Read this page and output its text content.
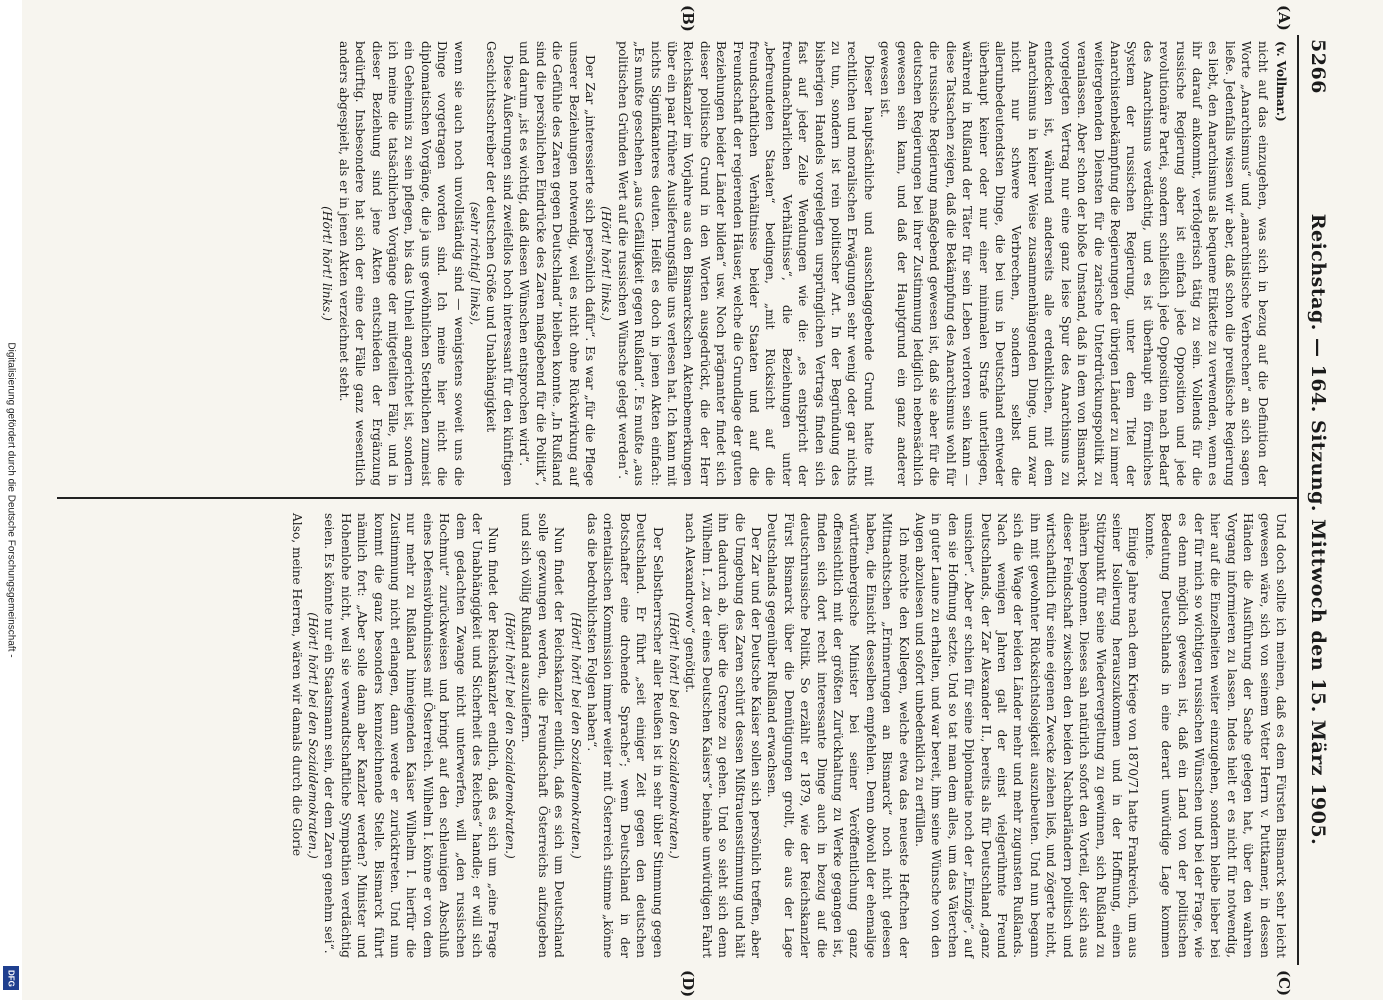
5266
Reichstag. — 164. Sitzung. Mittwoch den 15. März 1905.
(A)
(B)
(C)
(D)
(v. Vollmar.)

nicht auf das einzugehen, was sich in bezug auf die Definition der Worte „Anarchismus“ und „anarchistische Verbrechen“ an sich sagen ließe. Jedenfalls wissen wir aber, daß schon die preußische Regierung es liebt, den Anarchismus als bequeme Etikette zu verwenden, wenn es ihr darauf ankommt, verfolgerisch tätig zu sein. Vollends für die russische Regierung aber ist einfach jede Opposition und jede revolutionäre Partei, sondern schließlich jede Opposition nach Bedarf des Anarchismus verdächtig, und es ist überhaupt ein förmliches System der russischen Regierung, unter dem Titel der Anarchistenbekämpfung die Regierungen der übrigen Länder zu immer weitergehenden Diensten für die zarische Unterdrückungspolitik zu veranlassen. Aber schon der bloße Umstand, daß in dem von Bismarck vorgelegten Vertrag nur eine ganz leise Spur des Anarchismus zu entdecken ist, während anderseits alle erdenklichen, mit dem Anarchismus in keiner Weise zusammenhängenden Dinge, und zwar nicht nur schwere Verbrechen, sondern selbst die allerunbedeutendsten Dinge, die bei uns in Deutschland entweder überhaupt keiner oder nur einer minimalen Strafe unterliegen, während in Rußland der Täter für sein Leben verloren sein kann — diese Tatsachen zeigen, daß die Bekämpfung des Anarchismus wohl für die russische Regierung maßgebend gewesen ist, daß sie aber für die deutschen Regierungen bei ihrer Zustimmung lediglich nebensächlich gewesen sein kann, und daß der Hauptgrund ein ganz anderer gewesen ist.

Dieser hauptsächliche und ausschlaggebende Grund hatte mit rechtlichen und moralischen Erwägungen sehr wenig oder gar nichts zu tun, sondern ist rein politischer Art. In der Begründung des bisherigen Handels vorgelegten ursprünglichen Vertrags finden sich fast auf jeder Zeile Wendungen wie die: „es entspricht der freundnachbarlichen Verhältnisse“, die Beziehungen unter „befreundeten Staaten“ bedingen, „mit Rücksicht auf die freundschaftlichen Verhältnisse beider Staaten und auf die Freundschaft der regierenden Häuser, welche die Grundlage der guten Beziehungen beider Länder bilden“ usw. Noch prägnanter findet sich dieser politische Grund in den Worten ausgedrückt, die der Herr Reichskanzler im Vorjahre aus den Bismarckschen Aktenbemerkungen über ein paar frühere Auslieferungsfälle uns verlesen hat. Ich kann mit nichts Signifikanteres deuten. Heißt es doch in jenen Akten einfach: „Es mußte geschehen „aus Gefälligkeit gegen Rußland“. Es mußte „aus politischen Gründen Wert auf die russischen Wünsche gelegt werden“.

(Hört! hört! links.)

Der Zar „interessierte sich persönlich dafür“. Es war „für die Pflege unserer Beziehungen notwendig, weil es nicht ohne Rückwirkung auf die Gefühle des Zaren gegen Deutschland“ bleiben konnte. „In Rußland sind die persönlichen Eindrücke des Zaren maßgebend für die Politik“, und darum „ist es wichtig, daß diesen Wünschen entsprochen wird“.

Diese Äußerungen sind zweifellos hoch interessant für den künftigen Geschichtsschreiber der deutschen Größe und Unabhängigkeit

(sehr richtig! links),

wenn sie auch noch unvollständig sind — wenigstens soweit uns die Dinge vorgetragen worden sind. Ich meine hier nicht die diplomatischen Vorgänge, die ja uns gewöhnlichen Sterblichen zumeist ein Geheimnis zu sein pflegen, bis das Unheil angerichtet ist, sondern ich meine die tatsächlichen Vorgänge der mitgeteilten Fälle, und in dieser Beziehung sind jene Akten entschieden der Ergänzung bedürftig. Insbesondere hat sich der eine der Fälle ganz wesentlich anders abgespielt, als er in jenen Akten verzeichnet steht.

(Hört! hört! links.)

Und doch sollte ich meinen, daß es dem Fürsten Bismarck sehr leicht gewesen wäre, sich von seinem Vetter Herrn v. Puttkamer, in dessen Händen die Ausführung der Sache gelegen hat, über den wahren Vorgang informieren zu lassen. Indes hielt er es nicht für notwendig, hier auf die Einzelheiten weiter einzugehen, sondern bleibe lieber bei der für mich so wichtigen russischen Wünschen und bei der Frage, wie es denn möglich gewesen ist, daß ein Land von der politischen Bedeutung Deutschlands in eine derart unwürdige Lage kommen konnte.

Einige Jahre nach dem Kriege von 1870/71 hatte Frankreich, um aus seiner Isolierung herauszukommen und in der Hoffnung, einen Stützpunkt für seine Wiedervergeltung zu gewinnen, sich Rußland zu nähern begonnen. Dieses sah natürlich sofort den Vorteil, der sich aus dieser Feindschaft zwischen den beiden Nachbarländern politisch und wirtschaftlich für seine eigenen Zwecke ziehen ließ, und zögerte nicht, ihn mit gewohnter Rücksichtslosigkeit auszubeuten. Und nun begann sich die Wage der beiden Länder mehr und mehr zugunsten Rußlands. Nach wenigen Jahren galt der einst vielgerühmte Freund Deutschlands, der Zar Alexander II., bereits als für Deutschland „ganz unsicher“. Aber er schien für seine Diplomatie noch der „Einzige“, auf den sie Hoffnung setzte. Und so tat man dem alles, um das Väterchen in guter Laune zu erhalten, und war bereit, ihm seine Wünsche von den Augen abzulesen und sofort unbedenklich zu erfüllen.

Ich möchte den Kollegen, welche etwa das neueste Heftchen der Mittnachtschen „Erinnerungen an Bismarck“ noch nicht gelesen haben, die Einsicht desselben empfehlen. Denn obwohl der ehemalige württembergische Minister bei seiner Veröffentlichung ganz offensichtlich mit der größten Zurückhaltung zu Werke gegangen ist, finden sich dort recht interessante Dinge auch in bezug auf die deutschrussische Politik. So erzählt er 1879, wie der Reichskanzler Fürst Bismarck über die Demütigungen grollt, die aus der Lage Deutschlands gegenüber Rußland erwachsen.

Der Zar und der Deutsche Kaiser sollen sich persönlich treffen, aber die Umgebung des Zaren schürt dessen Mißtrauensstimmung und hält ihn dadurch ab, über die Grenze zu gehen. Und so sieht sich denn Wilhelm I. „zu der eines Deutschen Kaisers“ beinahe unwürdigen Fahrt nach Alexandrowo“ genötigt.

(Hört! hört! bei den Sozialdemokraten.)

Der Selbstherrscher aller Reußen ist in sehr übler Stimmung gegen Deutschland. Er führt „seit einiger Zeit gegen den deutschen Botschafter eine drohende Sprache“; wenn Deutschland in der orientalischen Kommission immer weiter mit Österreich stimme „könne das die bedrohlichsten Folgen haben“.

(Hört! hört! bei den Sozialdemokraten.)

Nun findet der Reichskanzler endlich, daß es sich um Deutschland solle gezwungen werden, die Freundschaft Österreichs aufzugeben und sich völlig Rußland auszuliefern.

(Hört! hört! bei den Sozialdemokraten.)

Nun findet der Reichskanzler endlich, daß es sich um „eine Frage der Unabhängigkeit und Sicherheit des Reiches“ handle; er will sich dem gedachten Zwange nicht unterwerfen, will „den russischen Hochmut“ zurückweisen und bringt auf den schleunigen Abschluß eines Defensivbündnisses mit Österreich. Wilhelm I. könne er von dem nur mehr zu Rußland hinneigenden Kaiser Wilhelm I. hierfür die Zustimmung nicht erlangen, dann werde er zurücktreten. Und nun kommt die ganz besonders kennzeichnende Stelle. Bismarck führt nämlich fort: „Aber solle dann aber Kanzler werden? Minister und Hohenlohe nicht, weil sie verwandtschaftliche Sympathien verdächtig seien. Es könnte nur ein Staatsmann sein, der dem Zaren genehm sei“.

(Hört! hört! bei den Sozialdemokraten.)

Also, meine Herren, wären wir damals durch die Glorie

Digitalisierung gefördert durch die Deutsche Forschungsgemeinschaft -
DFG
